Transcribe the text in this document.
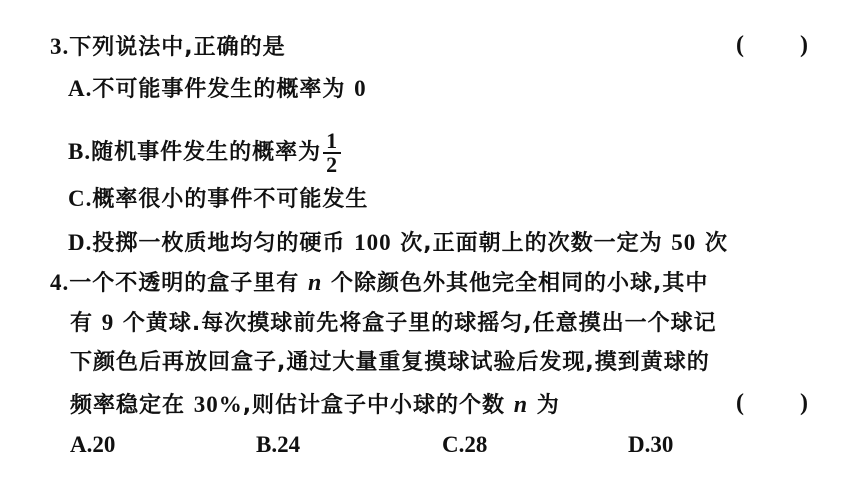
3.下列说法中,正确的是	( )
A.不可能事件发生的概率为 0
B.随机事件发生的概率为 $\frac{1}{2}$
C.概率很小的事件不可能发生
D.投掷一枚质地均匀的硬币 100 次,正面朝上的次数一定为 50 次
4.一个不透明的盒子里有 n 个除颜色外其他完全相同的小球,其中
有 9 个黄球.每次摸球前先将盒子里的球摇匀,任意摸出一个球记
下颜色后再放回盒子,通过大量重复摸球试验后发现,摸到黄球的
频率稳定在 30%,则估计盒子中小球的个数 n 为	( )
A.20	B.24	C.28	D.30
